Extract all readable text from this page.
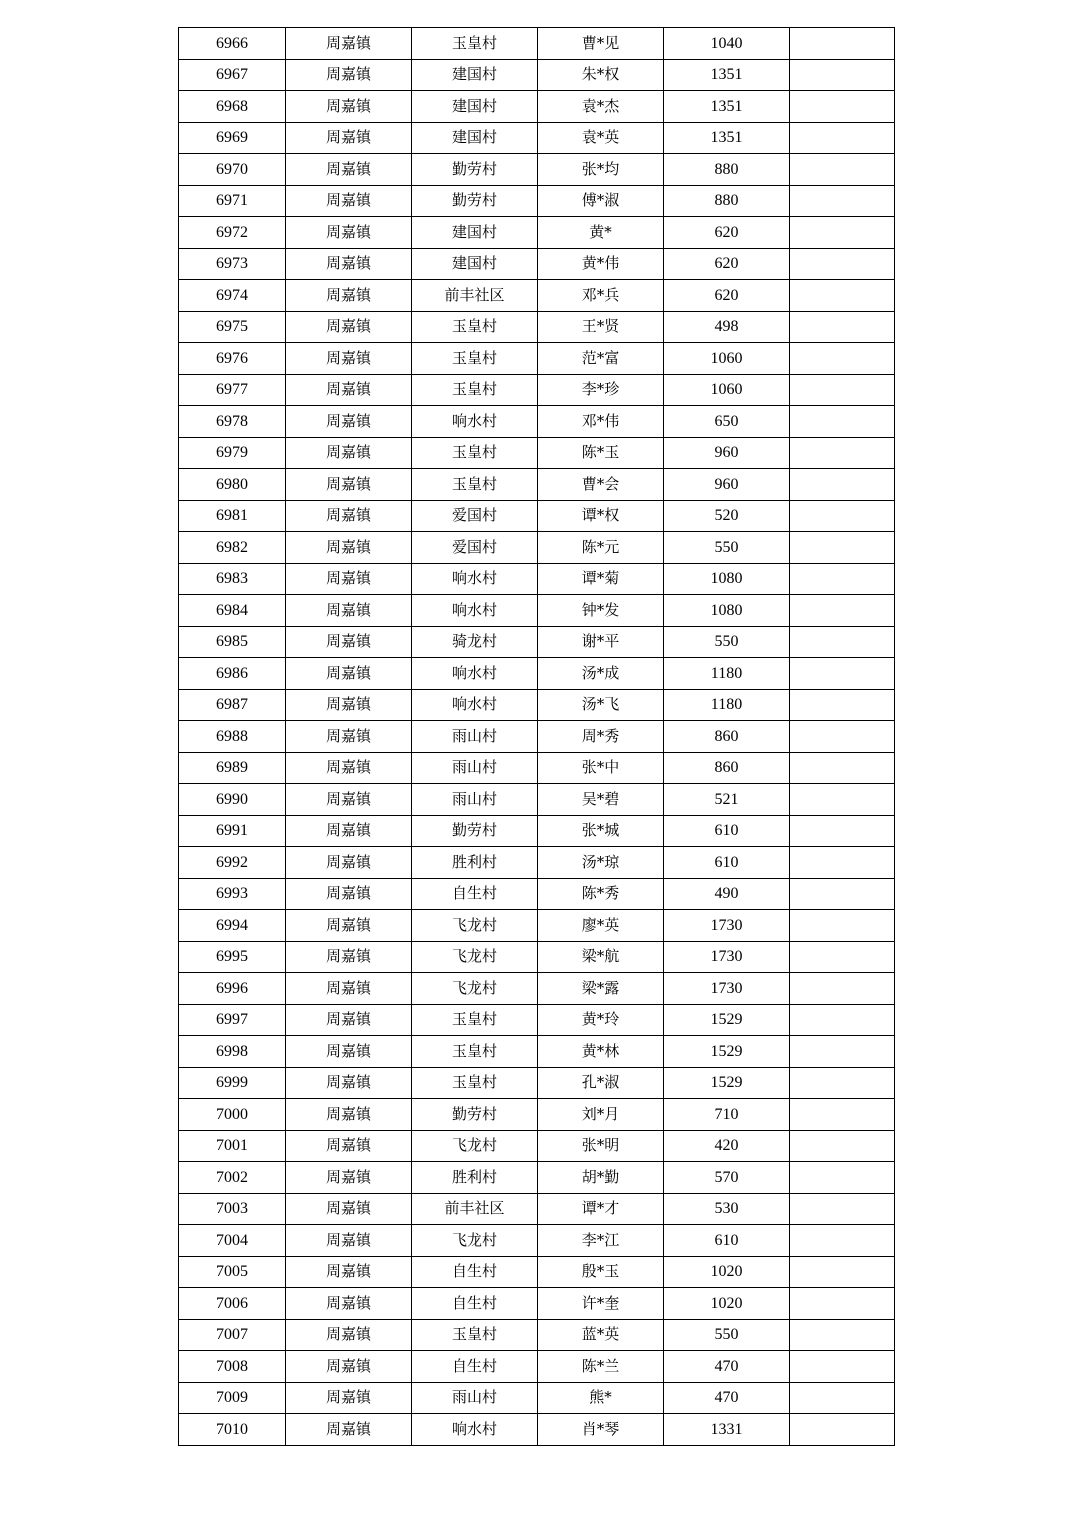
6966	周嘉镇	玉皇村	曹*见	1040	
6967	周嘉镇	建国村	朱*权	1351	
6968	周嘉镇	建国村	袁*杰	1351	
6969	周嘉镇	建国村	袁*英	1351	
6970	周嘉镇	勤劳村	张*均	880	
6971	周嘉镇	勤劳村	傅*淑	880	
6972	周嘉镇	建国村	黄*	620	
6973	周嘉镇	建国村	黄*伟	620	
6974	周嘉镇	前丰社区	邓*兵	620	
6975	周嘉镇	玉皇村	王*贤	498	
6976	周嘉镇	玉皇村	范*富	1060	
6977	周嘉镇	玉皇村	李*珍	1060	
6978	周嘉镇	响水村	邓*伟	650	
6979	周嘉镇	玉皇村	陈*玉	960	
6980	周嘉镇	玉皇村	曹*会	960	
6981	周嘉镇	爱国村	谭*权	520	
6982	周嘉镇	爱国村	陈*元	550	
6983	周嘉镇	响水村	谭*菊	1080	
6984	周嘉镇	响水村	钟*发	1080	
6985	周嘉镇	骑龙村	谢*平	550	
6986	周嘉镇	响水村	汤*成	1180	
6987	周嘉镇	响水村	汤*飞	1180	
6988	周嘉镇	雨山村	周*秀	860	
6989	周嘉镇	雨山村	张*中	860	
6990	周嘉镇	雨山村	吴*碧	521	
6991	周嘉镇	勤劳村	张*城	610	
6992	周嘉镇	胜利村	汤*琼	610	
6993	周嘉镇	自生村	陈*秀	490	
6994	周嘉镇	飞龙村	廖*英	1730	
6995	周嘉镇	飞龙村	梁*航	1730	
6996	周嘉镇	飞龙村	梁*露	1730	
6997	周嘉镇	玉皇村	黄*玲	1529	
6998	周嘉镇	玉皇村	黄*林	1529	
6999	周嘉镇	玉皇村	孔*淑	1529	
7000	周嘉镇	勤劳村	刘*月	710	
7001	周嘉镇	飞龙村	张*明	420	
7002	周嘉镇	胜利村	胡*勤	570	
7003	周嘉镇	前丰社区	谭*才	530	
7004	周嘉镇	飞龙村	李*江	610	
7005	周嘉镇	自生村	殷*玉	1020	
7006	周嘉镇	自生村	许*奎	1020	
7007	周嘉镇	玉皇村	蓝*英	550	
7008	周嘉镇	自生村	陈*兰	470	
7009	周嘉镇	雨山村	熊*	470	
7010	周嘉镇	响水村	肖*琴	1331	
